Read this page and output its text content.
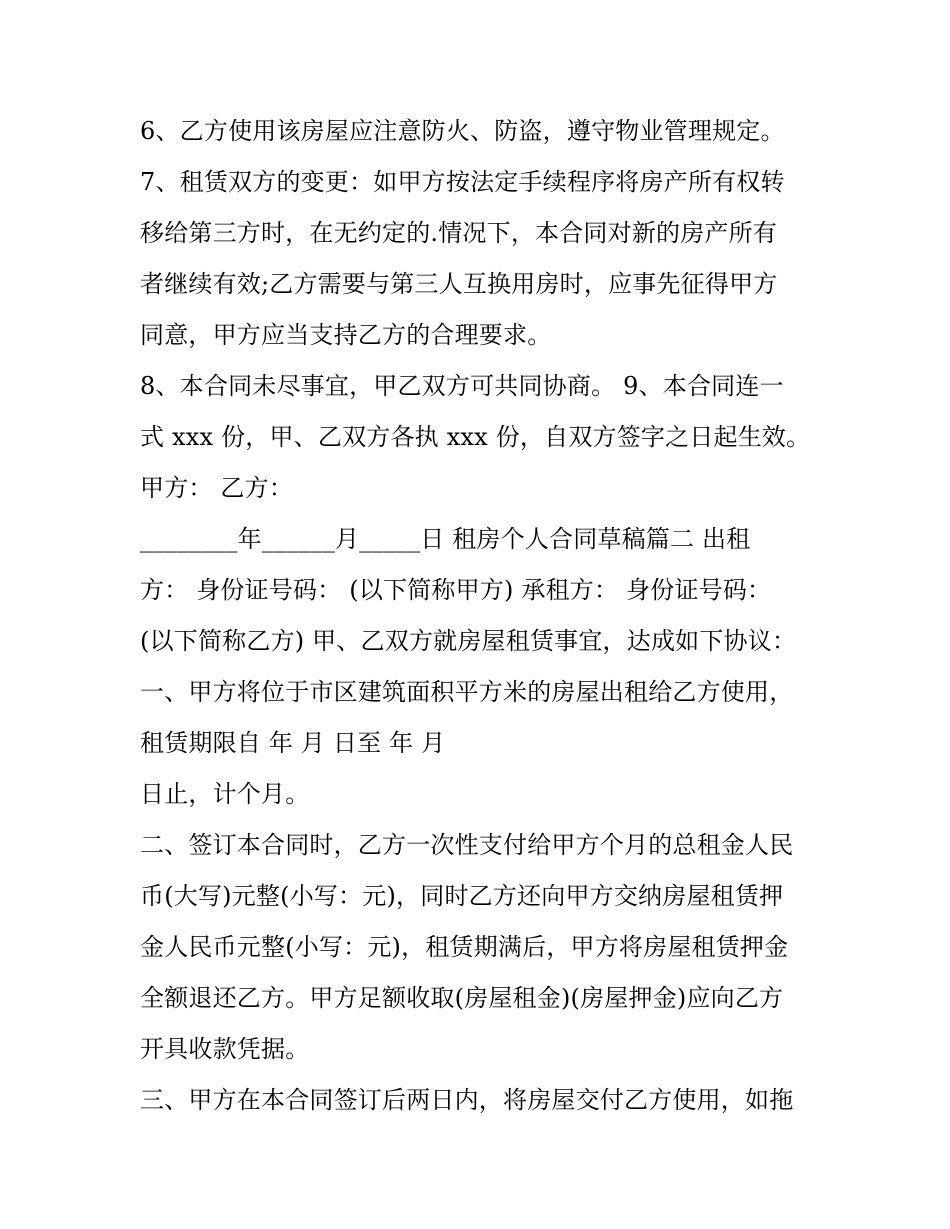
6、乙方使用该房屋应注意防火、防盗，遵守物业管理规定。
7、租赁双方的变更：如甲方按法定手续程序将房产所有权转
移给第三方时，在无约定的.情况下，本合同对新的房产所有
者继续有效;乙方需要与第三人互换用房时，应事先征得甲方
同意，甲方应当支持乙方的合理要求。
8、本合同未尽事宜，甲乙双方可共同协商。 9、本合同连一
式 xxx 份，甲、乙双方各执 xxx 份，自双方签字之日起生效。
甲方： 乙方：
________年______月_____日 租房个人合同草稿篇二 出租
方： 身份证号码： (以下简称甲方) 承租方： 身份证号码：
(以下简称乙方) 甲、乙双方就房屋租赁事宜，达成如下协议：
一、甲方将位于市区建筑面积平方米的房屋出租给乙方使用，
租赁期限自 年 月 日至 年 月
日止，计个月。
二、签订本合同时，乙方一次性支付给甲方个月的总租金人民
币(大写)元整(小写：元)，同时乙方还向甲方交纳房屋租赁押
金人民币元整(小写：元)，租赁期满后，甲方将房屋租赁押金
全额退还乙方。甲方足额收取(房屋租金)(房屋押金)应向乙方
开具收款凭据。
三、甲方在本合同签订后两日内，将房屋交付乙方使用，如拖
